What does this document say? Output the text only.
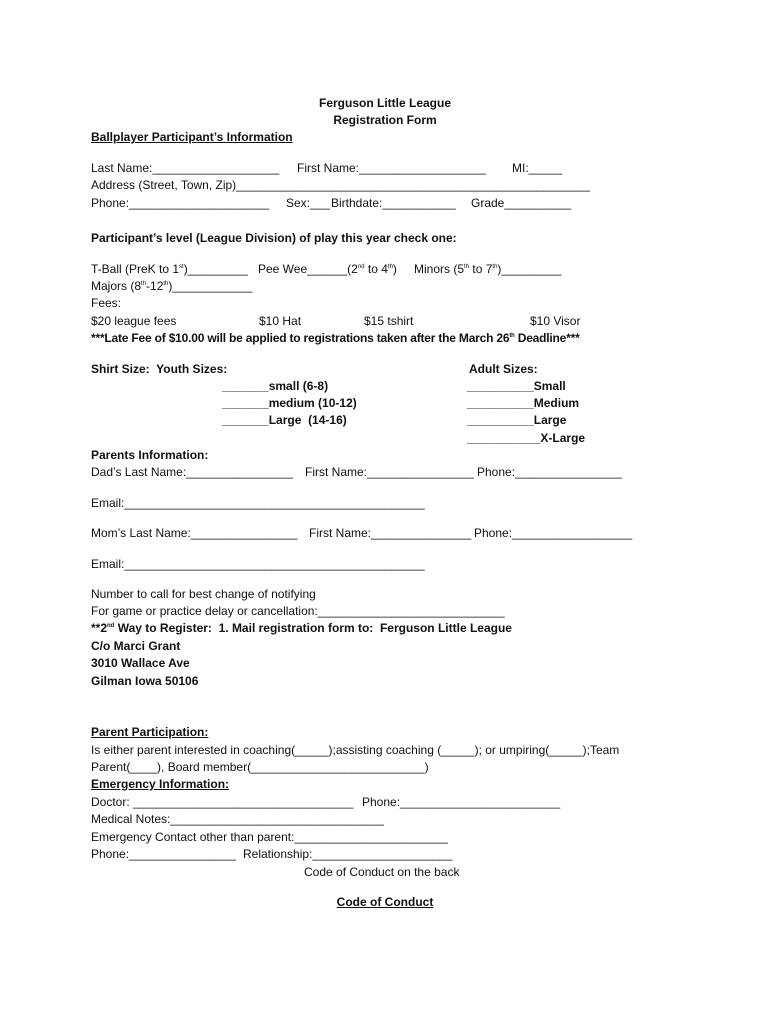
Ferguson Little League
Registration Form
Ballplayer Participant’s Information
Last Name:___________________ First Name:___________________ MI:_____
Address (Street, Town, Zip)_____________________________________________________
Phone:_____________________ Sex:___ Birthdate:___________ Grade__________
Participant’s level (League Division) of play this year check one:
T-Ball (PreK to 1st)_________ Pee Wee______(2nd to 4th) Minors (5th to 7th)_________
Majors (8th-12th)____________
Fees:
$20 league fees	$10 Hat	$15 tshirt	$10 Visor
***Late Fee of $10.00 will be applied to registrations taken after the March 26th Deadline***
Shirt Size:  Youth Sizes:
_______small (6-8)
_______medium (10-12)
_______Large  (14-16)
Adult Sizes:
__________Small
__________Medium
__________Large
___________X-Large
Parents Information:
Dad’s Last Name:________________ First Name:________________ Phone:________________
Email:_____________________________________________
Mom’s Last Name:________________ First Name:_______________ Phone:__________________
Email:_____________________________________________
Number to call for best change of notifying
For game or practice delay or cancellation:____________________________
**2nd Way to Register:  1. Mail registration form to:  Ferguson Little League
C/o Marci Grant
3010 Wallace Ave
Gilman Iowa 50106
Parent Participation:
Is either parent interested in coaching(_____);assisting coaching (_____); or umpiring(_____);Team
Parent(____), Board member(__________________________)
Emergency Information:
Doctor: _________________________________ Phone:________________________
Medical Notes:________________________________
Emergency Contact other than parent:_______________________
Phone:________________ Relationship:_____________________
Code of Conduct on the back
Code of Conduct
